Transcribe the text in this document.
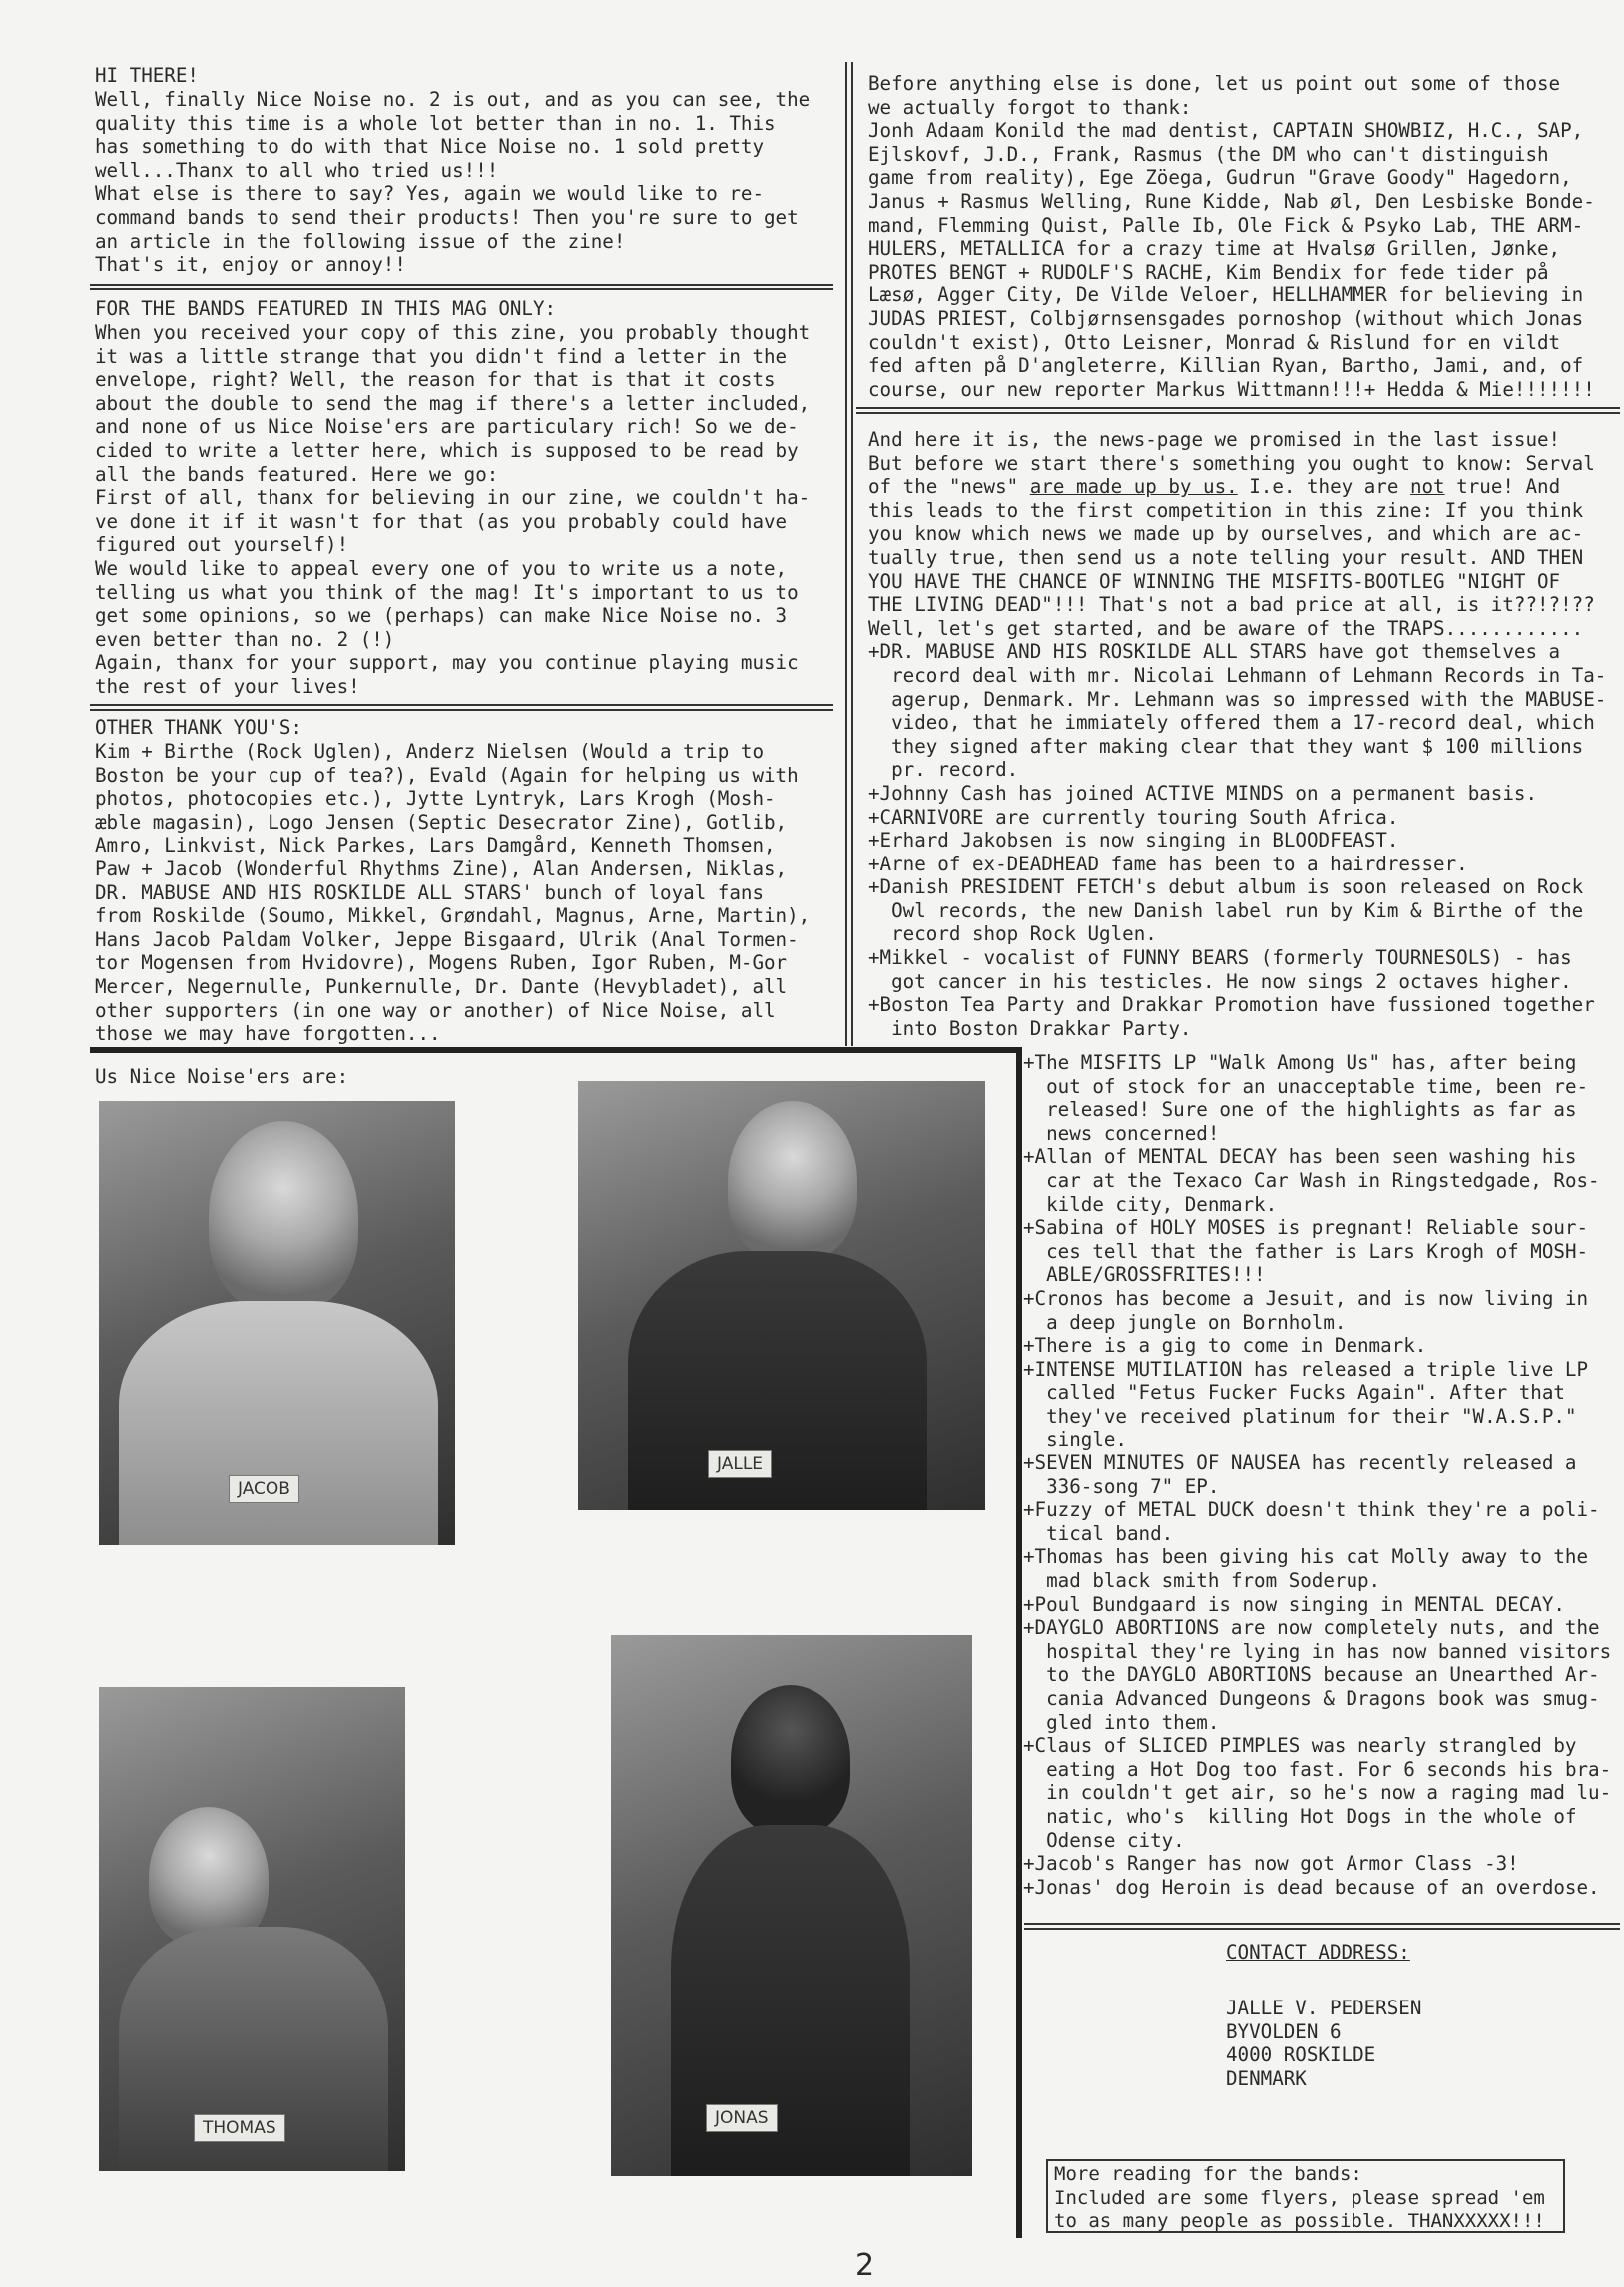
HI THERE!

Well, finally Nice Noise no. 2 is out, and as you can see, the
quality this time is a whole lot better than in no. 1. This
has something to do with that Nice Noise no. 1 sold pretty
well...Thanx to all who tried us!!!
What else is there to say? Yes, again we would like to re-
command bands to send their products! Then you're sure to get
an article in the following issue of the zine!
That's it, enjoy or annoy!!

FOR THE BANDS FEATURED IN THIS MAG ONLY:

When you received your copy of this zine, you probably thought
it was a little strange that you didn't find a letter in the
envelope, right? Well, the reason for that is that it costs
about the double to send the mag if there's a letter included,
and none of us Nice Noise'ers are particulary rich! So we de-
cided to write a letter here, which is supposed to be read by
all the bands featured. Here we go:
First of all, thanx for believing in our zine, we couldn't ha-
ve done it if it wasn't for that (as you probably could have
figured out yourself)!
We would like to appeal every one of you to write us a note,
telling us what you think of the mag! It's important to us to
get some opinions, so we (perhaps) can make Nice Noise no. 3
even better than no. 2 (!)
Again, thanx for your support, may you continue playing music
the rest of your lives!

OTHER THANK YOU'S:

Kim + Birthe (Rock Uglen), Anderz Nielsen (Would a trip to
Boston be your cup of tea?), Evald (Again for helping us with
photos, photocopies etc.), Jytte Lyntryk, Lars Krogh (Mosh-
æble magasin), Logo Jensen (Septic Desecrator Zine), Gotlib,
Amro, Linkvist, Nick Parkes, Lars Damgård, Kenneth Thomsen,
Paw + Jacob (Wonderful Rhythms Zine), Alan Andersen, Niklas,
DR. MABUSE AND HIS ROSKILDE ALL STARS' bunch of loyal fans
from Roskilde (Soumo, Mikkel, Grøndahl, Magnus, Arne, Martin),
Hans Jacob Paldam Volker, Jeppe Bisgaard, Ulrik (Anal Tormen-
tor Mogensen from Hvidovre), Mogens Ruben, Igor Ruben, M-Gor
Mercer, Negernulle, Punkernulle, Dr. Dante (Hevybladet), all
other supporters (in one way or another) of Nice Noise, all
those we may have forgotten...

Before anything else is done, let us point out some of those
we actually forgot to thank:
Jonh Adaam Konild the mad dentist, CAPTAIN SHOWBIZ, H.C., SAP,
Ejlskovf, J.D., Frank, Rasmus (the DM who can't distinguish
game from reality), Ege Zöega, Gudrun "Grave Goody" Hagedorn,
Janus + Rasmus Welling, Rune Kidde, Nab øl, Den Lesbiske Bonde-
mand, Flemming Quist, Palle Ib, Ole Fick & Psyko Lab, THE ARM-
HULERS, METALLICA for a crazy time at Hvalsø Grillen, Jønke,
PROTES BENGT + RUDOLF'S RACHE, Kim Bendix for fede tider på
Læsø, Agger City, De Vilde Veloer, HELLHAMMER for believing in
JUDAS PRIEST, Colbjørnsensgades pornoshop (without which Jonas
couldn't exist), Otto Leisner, Monrad & Rislund for en vildt
fed aften på D'angleterre, Killian Ryan, Bartho, Jami, and, of
course, our new reporter Markus Wittmann!!!+ Hedda & Mie!!!!!!!

And here it is, the news-page we promised in the last issue!
But before we start there's something you ought to know: Serval
of the "news" are made up by us. I.e. they are not true! And
this leads to the first competition in this zine: If you think
you know which news we made up by ourselves, and which are ac-
tually true, then send us a note telling your result. AND THEN
YOU HAVE THE CHANCE OF WINNING THE MISFITS-BOOTLEG "NIGHT OF
THE LIVING DEAD"!!! That's not a bad price at all, is it??!?!??
Well, let's get started, and be aware of the TRAPS............
+DR. MABUSE AND HIS ROSKILDE ALL STARS have got themselves a
record deal with mr. Nicolai Lehmann of Lehmann Records in Ta-
agerup, Denmark. Mr. Lehmann was so impressed with the MABUSE-
video, that he immiately offered them a 17-record deal, which
they signed after making clear that they want $ 100 millions
pr. record.
+Johnny Cash has joined ACTIVE MINDS on a permanent basis.
+CARNIVORE are currently touring South Africa.
+Erhard Jakobsen is now singing in BLOODFEAST.
+Arne of ex-DEADHEAD fame has been to a hairdresser.
+Danish PRESIDENT FETCH's debut album is soon released on Rock
Owl records, the new Danish label run by Kim & Birthe of the
record shop Rock Uglen.
+Mikkel - vocalist of FUNNY BEARS (formerly TOURNESOLS) - has
got cancer in his testicles. He now sings 2 octaves higher.
+Boston Tea Party and Drakkar Promotion have fussioned together
into Boston Drakkar Party.

Us Nice Noise'ers are:

JACOB
JALLE
THOMAS	JONAS

+The MISFITS LP "Walk Among Us" has, after being
out of stock for an unacceptable time, been re-
released! Sure one of the highlights as far as
news concerned!
+Allan of MENTAL DECAY has been seen washing his
car at the Texaco Car Wash in Ringstedgade, Ros-
kilde city, Denmark.
+Sabina of HOLY MOSES is pregnant! Reliable sour-
ces tell that the father is Lars Krogh of MOSH-
ABLE/GROSSFRITES!!!
+Cronos has become a Jesuit, and is now living in
a deep jungle on Bornholm.
+There is a gig to come in Denmark.
+INTENSE MUTILATION has released a triple live LP
called "Fetus Fucker Fucks Again". After that
they've received platinum for their "W.A.S.P."
single.
+SEVEN MINUTES OF NAUSEA has recently released a
336-song 7" EP.
+Fuzzy of METAL DUCK doesn't think they're a poli-
tical band.
+Thomas has been giving his cat Molly away to the
mad black smith from Soderup.
+Poul Bundgaard is now singing in MENTAL DECAY.
+DAYGLO ABORTIONS are now completely nuts, and the
hospital they're lying in has now banned visitors
to the DAYGLO ABORTIONS because an Unearthed Ar-
cania Advanced Dungeons & Dragons book was smug-
gled into them.
+Claus of SLICED PIMPLES was nearly strangled by
eating a Hot Dog too fast. For 6 seconds his bra-
in couldn't get air, so he's now a raging mad lu-
natic, who's  killing Hot Dogs in the whole of
Odense city.
+Jacob's Ranger has now got Armor Class -3!
+Jonas' dog Heroin is dead because of an overdose.

CONTACT ADDRESS:

JALLE V. PEDERSEN
BYVOLDEN 6
4000 ROSKILDE
DENMARK

More reading for the bands:
Included are some flyers, please spread 'em
to as many people as possible. THANXXXXX!!!
2
